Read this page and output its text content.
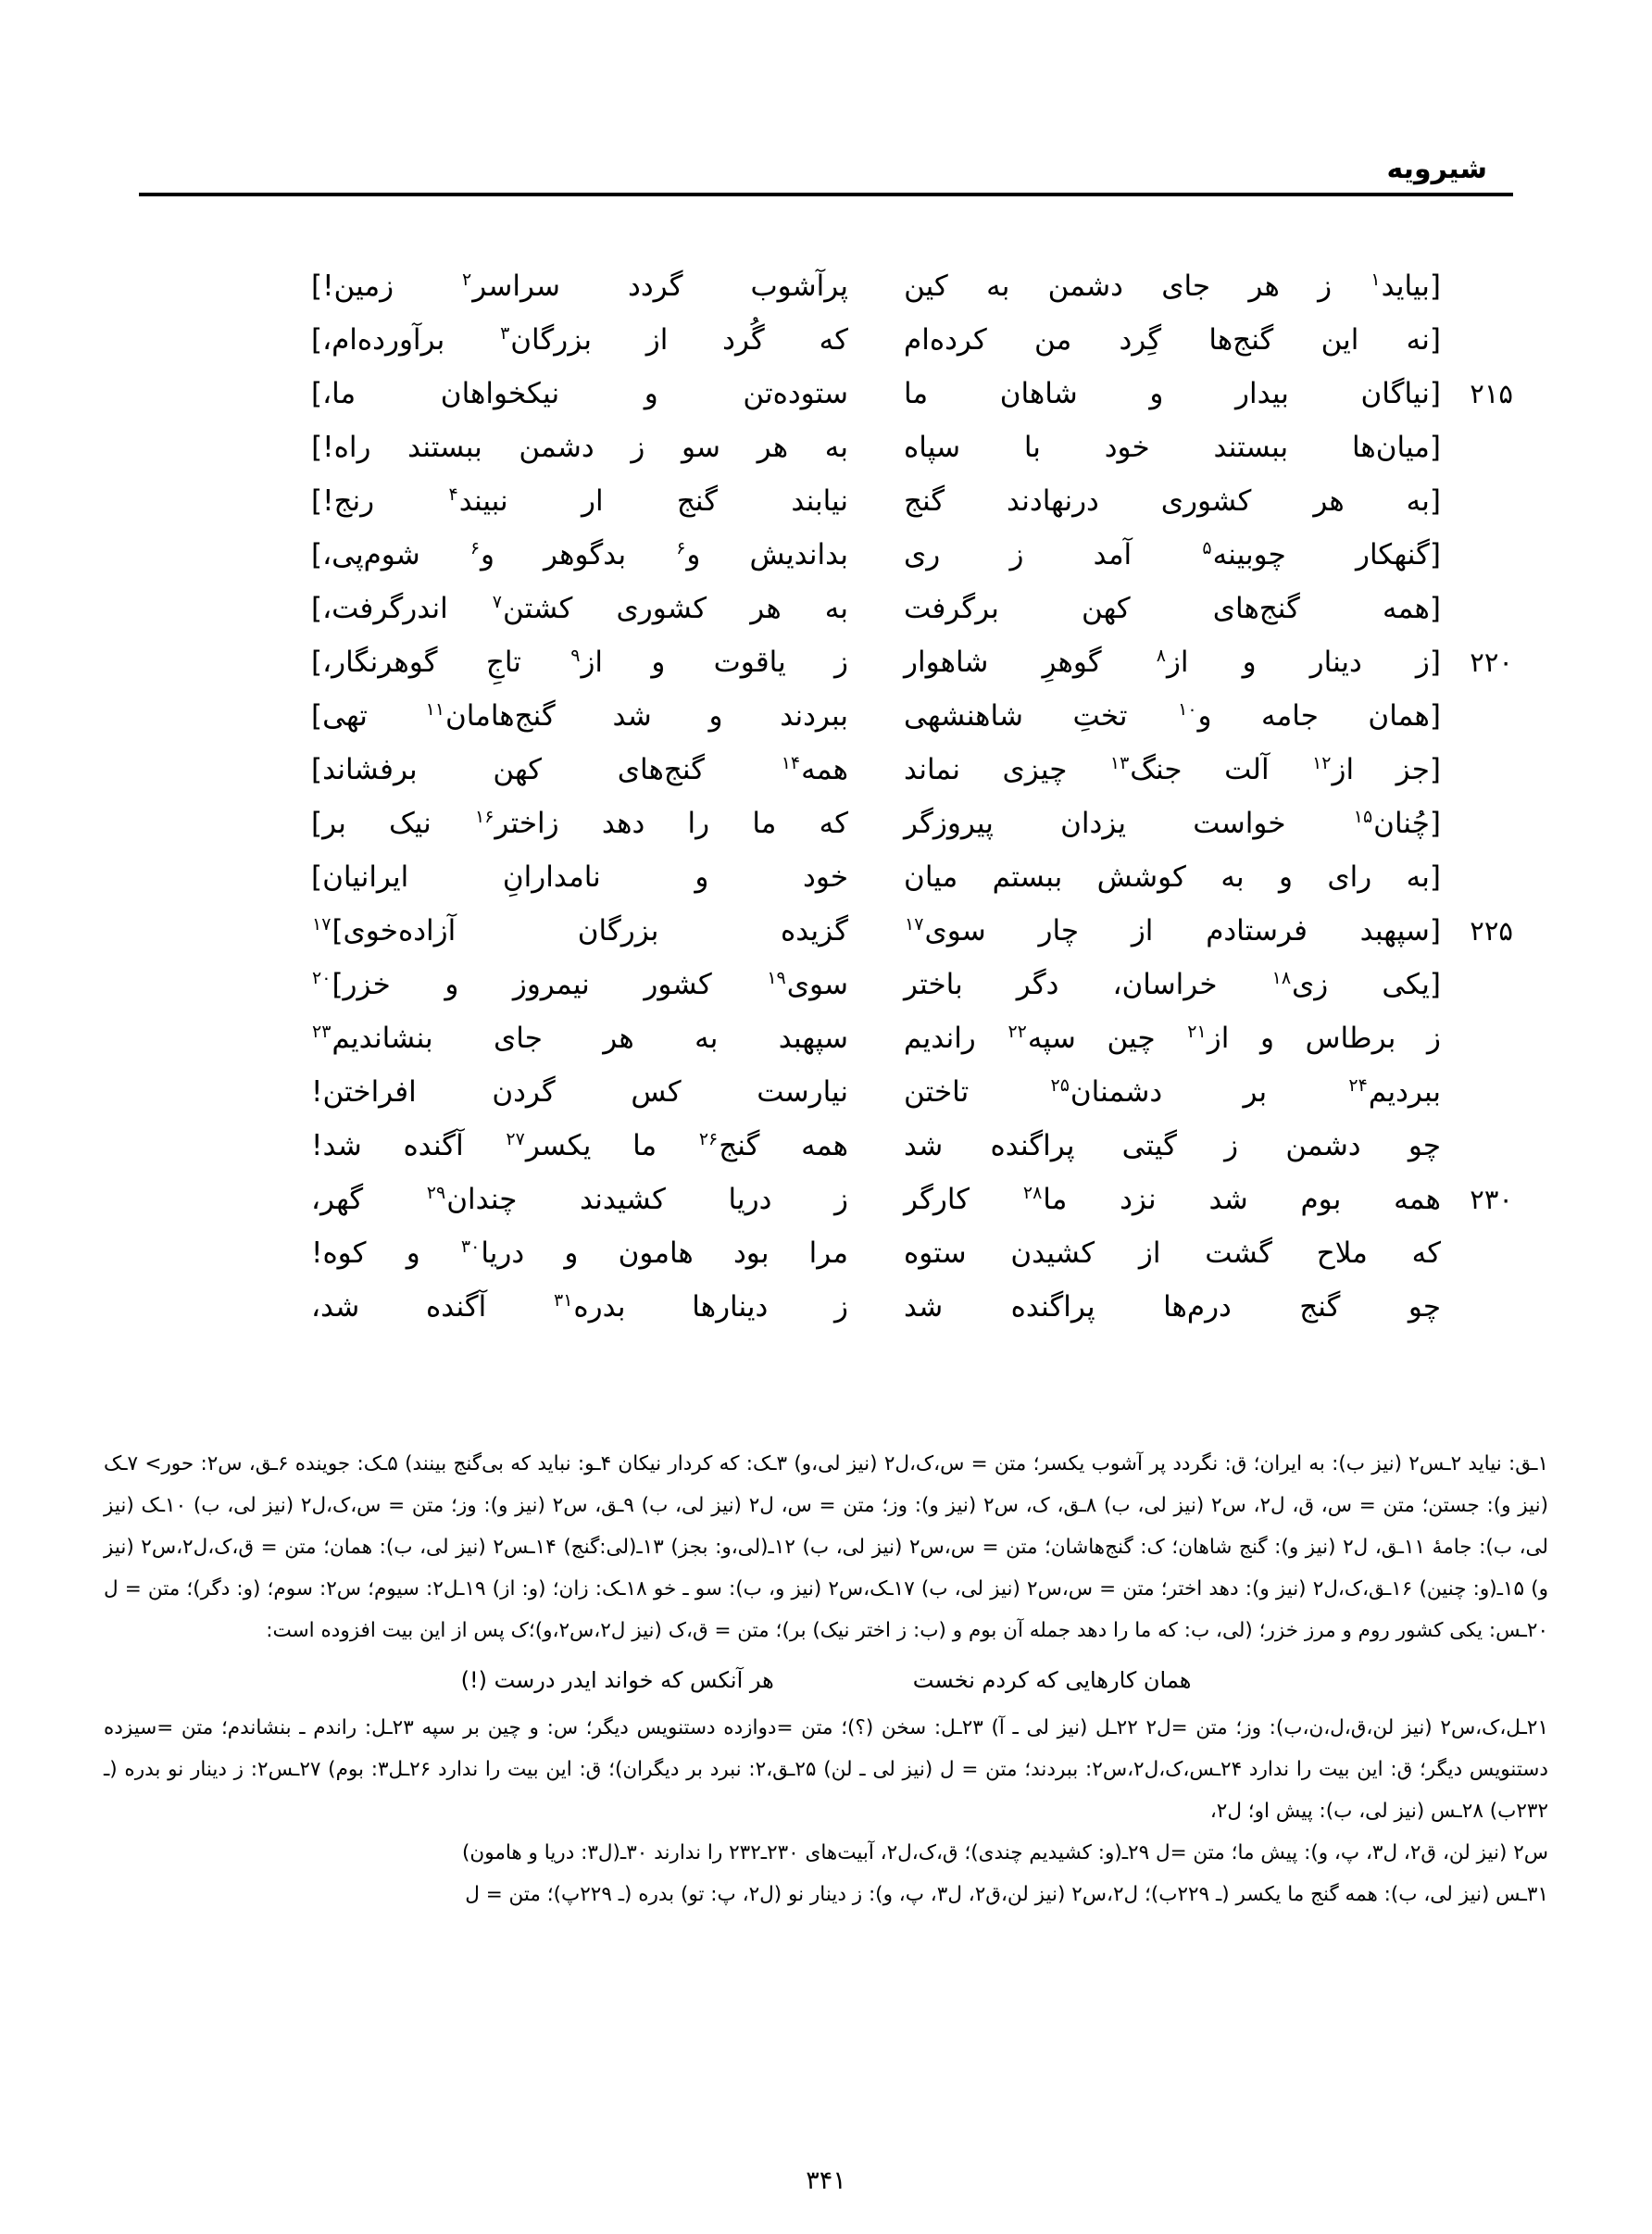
شیرویه
[بیاید$^۱$
ز
هر
جای
دشمن
به
کین
پرآشوب
گردد
سراسر$^۲$
زمین!]
[نه
این
گنج‌ها
گِرد
من
کرده‌ام
که
گُرد
از
بزرگان$^۳$
برآورده‌ام،]
۲۱۵
[نیاگان
بیدار
و
شاهان
ما
ستوده‌تن
و
نیکخواهان
ما،]
[میان‌ها
ببستند
خود
با
سپاه
به
هر
سو
ز
دشمن
ببستند
راه!]
[به
هر
کشوری
درنهادند
گنج
نیابند
گنج
ار
نبیند$^۴$
رنج!]
[گنهکار
چوبینه$^۵$
آمد
ز
ری
بداندیش
و$^۶$
بدگوهر
و$^۶$
شوم‌پی،]
[همه
گنج‌های
کهن
برگرفت
به
هر
کشوری
کشتن$^۷$
اندرگرفت،]
۲۲۰
[ز
دینار
و
از$^۸$
گوهرِ
شاهوار
ز
یاقوت
و
از$^۹$
تاجِ
گوهرنگار،]
[همان
جامه
و$^{۱۰}$
تختِ
شاهنشهی
ببردند
و
شد
گنج‌هامان$^{۱۱}$
تهی]
[جز
از$^{۱۲}$
آلت
جنگ$^{۱۳}$
چیزی
نماند
همه$^{۱۴}$
گنج‌های
کهن
برفشاند]
[چُنان$^{۱۵}$
خواست
یزدان
پیروزگر
که
ما
را
دهد
زاختر$^{۱۶}$
نیک
بر]
[به
رای
و
به
کوشش
ببستم
میان
خود
و
نامدارانِ
ایرانیان]
۲۲۵
[سپهبد
فرستادم
از
چار
سوی$^{۱۷}$
گزیده
بزرگان
آزاده‌خوی]$^{۱۷}$
[یکی
زی$^{۱۸}$
خراسان،
دگر
باختر
سوی$^{۱۹}$
کشور
نیمروز
و
خزر]$^{۲۰}$
ز
برطاس
و
از$^{۲۱}$
چین
سپه$^{۲۲}$
راندیم
سپهبد
به
هر
جای
بنشاندیم$^{۲۳}$
ببردیم$^{۲۴}$
بر
دشمنان$^{۲۵}$
تاختن
نیارست
کس
گردن
افراختن!
چو
دشمن
ز
گیتی
پراگنده
شد
همه
گنج$^{۲۶}$
ما
یکسر$^{۲۷}$
آگنده
شد!
۲۳۰
همه
بوم
شد
نزد
ما$^{۲۸}$
کارگر
ز
دریا
کشیدند
چندان$^{۲۹}$
گهر،
که
ملاح
گشت
از
کشیدن
ستوه
مرا
بود
هامون
و
دریا$^{۳۰}$
و
کوه!
چو
گنج
درم‌ها
پراگنده
شد
ز
دینارها
بدره$^{۳۱}$
آگنده
شد،

۱ـق: نیاید ۲ـس۲ (نیز ب): به ایران؛ ق: نگردد پر آشوب یکسر؛ متن = س،ک،ل۲ (نیز لی،و) ۳ـک: که کردار نیکان ۴ـو: نباید که بی‌گنج بینند) ۵ـک: جوینده ۶ـق، س۲: حور> ۷ـک (نیز و): جستن؛ متن = س، ق، ل۲، س۲ (نیز لی، ب) ۸ـق، ک، س۲ (نیز و): وز؛ متن = س، ل۲ (نیز لی، ب) ۹ـق، س۲ (نیز و): وز؛ متن = س،ک،ل۲ (نیز لی، ب) ۱۰ـک (نیز لی، ب): جامهٔ ۱۱ـق، ل۲ (نیز و): گنج شاهان؛ ک: گنج‌هاشان؛ متن = س،س۲ (نیز لی، ب) ۱۲ـ(لی،و: بجز) ۱۳ـ(لی:گنج) ۱۴ـس۲ (نیز لی، ب): همان؛ متن = ق،ک،ل۲،س۲ (نیز و) ۱۵ـ(و: چنین) ۱۶ـق،ک،ل۲ (نیز و): دهد اختر؛ متن = س،س۲ (نیز لی، ب) ۱۷ـک،س۲ (نیز و، ب): سو ـ خو ۱۸ـک: زان؛ (و: از) ۱۹ـل۲: سیوم؛ س۲: سوم؛ (و: دگر)؛ متن = ل ۲۰ـس: یکی کشور روم و مرز خزر؛ (لی، ب: که ما را دهد جمله آن بوم و (ب: ز اختر نیک) بر)؛ متن = ق،ک (نیز ل۲،س۲،و)؛ک پس از این بیت افزوده است:

همان کارهایی که کردم نخست
هر آنکس که خواند ایدر درست (!)

۲۱ـل،ک،س۲ (نیز لن،ق،ل،ن،ب): وز؛ متن =ل۲ ۲۲ـل (نیز لی ـ آ) ۲۳ـل: سخن (؟)؛ متن =دوازده دستنویس دیگر؛ س: و چین بر سپه ۲۳ـل: راندم ـ بنشاندم؛ متن =سیزده دستنویس دیگر؛ ق: این بیت را ندارد ۲۴ـس،ک،ل۲،س۲: ببردند؛ متن = ل (نیز لی ـ لن) ۲۵ـق،۲: نبرد بر دیگران)؛ ق: این بیت را ندارد ۲۶ـل۳: بوم) ۲۷ـس۲: ز دینار نو بدره (ـ ۲۳۲ب) ۲۸ـس (نیز لی، ب): پیش او؛ ل۲،

س۲ (نیز لن، ق۲، ل۳، پ، و): پیش ما؛ متن =ل ۲۹ـ(و: کشیدیم چندی)؛ ق،ک،ل۲، آبیت‌های ۲۳۰ـ۲۳۲ را ندارند ۳۰ـ(ل۳: دریا و هامون)

۳۱ـس (نیز لی، ب): همه گنج ما یکسر (ـ ۲۲۹ب)؛ ل۲،س۲ (نیز لن،ق۲، ل۳، پ، و): ز دینار نو (ل۲، پ: تو) بدره (ـ ۲۲۹پ)؛ متن = ل

۳۴۱
